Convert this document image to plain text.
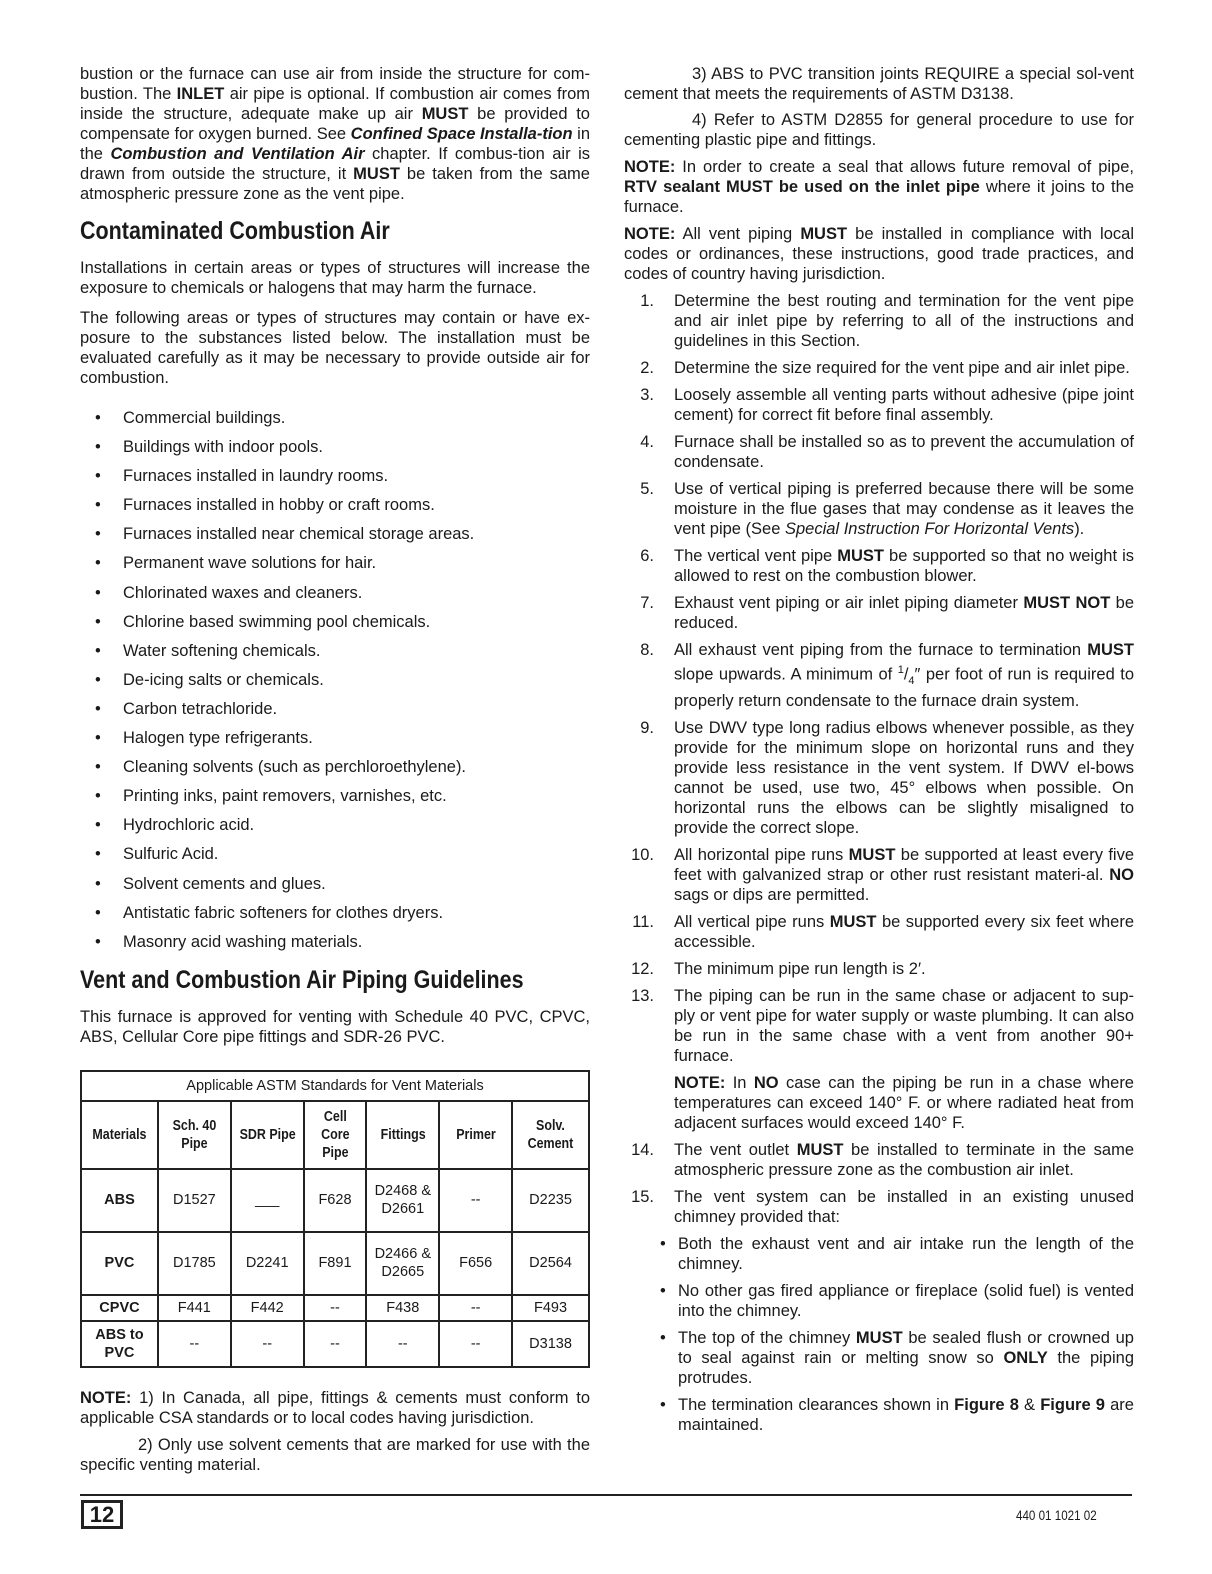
bustion or the furnace can use air from inside the structure for com-bustion. The INLET air pipe is optional. If combustion air comes from inside the structure, adequate make up air MUST be provided to compensate for oxygen burned. See Confined Space Installa-tion in the Combustion and Ventilation Air chapter. If combus-tion air is drawn from outside the structure, it MUST be taken from the same atmospheric pressure zone as the vent pipe.

Contaminated Combustion Air

Installations in certain areas or types of structures will increase the exposure to chemicals or halogens that may harm the furnace.

The following areas or types of structures may contain or have ex-posure to the substances listed below. The installation must be evaluated carefully as it may be necessary to provide outside air for combustion.

• Commercial buildings.
• Buildings with indoor pools.
• Furnaces installed in laundry rooms.
• Furnaces installed in hobby or craft rooms.
• Furnaces installed near chemical storage areas.
• Permanent wave solutions for hair.
• Chlorinated waxes and cleaners.
• Chlorine based swimming pool chemicals.
• Water softening chemicals.
• De-icing salts or chemicals.
• Carbon tetrachloride.
• Halogen type refrigerants.
• Cleaning solvents (such as perchloroethylene).
• Printing inks, paint removers, varnishes, etc.
• Hydrochloric acid.
• Sulfuric Acid.
• Solvent cements and glues.
• Antistatic fabric softeners for clothes dryers.
• Masonry acid washing materials.
Vent and Combustion Air Piping Guidelines

This furnace is approved for venting with Schedule 40 PVC, CPVC, ABS, Cellular Core pipe fittings and SDR-26 PVC.

Applicable ASTM Standards for Vent Materials						
Materials	Sch. 40 Pipe	SDR Pipe	Cell Core Pipe	Fittings	Primer	Solv. Cement
ABS	D1527	___	F628	D2468 & D2661	--	D2235
PVC	D1785	D2241	F891	D2466 & D2665	F656	D2564
CPVC	F441	F442	--	F438	--	F493
ABS to PVC	--	--	--	--	--	D3138

NOTE: 1) In Canada, all pipe, fittings & cements must conform to applicable CSA standards or to local codes having jurisdiction.

2) Only use solvent cements that are marked for use with the specific venting material.

3) ABS to PVC transition joints REQUIRE a special sol-vent cement that meets the requirements of ASTM D3138.

4) Refer to ASTM D2855 for general procedure to use for cementing plastic pipe and fittings.

NOTE: In order to create a seal that allows future removal of pipe, RTV sealant MUST be used on the inlet pipe where it joins to the furnace.

NOTE: All vent piping MUST be installed in compliance with local codes or ordinances, these instructions, good trade practices, and codes of country having jurisdiction.

1. Determine the best routing and termination for the vent pipe and air inlet pipe by referring to all of the instructions and guidelines in this Section.
2. Determine the size required for the vent pipe and air inlet pipe.
3. Loosely assemble all venting parts without adhesive (pipe joint cement) for correct fit before final assembly.
4. Furnace shall be installed so as to prevent the accumulation of condensate.
5. Use of vertical piping is preferred because there will be some moisture in the flue gases that may condense as it leaves the vent pipe (See Special Instruction For Horizontal Vents).
6. The vertical vent pipe MUST be supported so that no weight is allowed to rest on the combustion blower.
7. Exhaust vent piping or air inlet piping diameter MUST NOT be reduced.
8. All exhaust vent piping from the furnace to termination MUST slope upwards. A minimum of $^1/_4''$ per foot of run is required to properly return condensate to the furnace drain system.
9. Use DWV type long radius elbows whenever possible, as they provide for the minimum slope on horizontal runs and they provide less resistance in the vent system. If DWV el-bows cannot be used, use two, 45° elbows when possible. On horizontal runs the elbows can be slightly misaligned to provide the correct slope.
10. All horizontal pipe runs MUST be supported at least every five feet with galvanized strap or other rust resistant materi-al. NO sags or dips are permitted.
11. All vertical pipe runs MUST be supported every six feet where accessible.
12. The minimum pipe run length is 2′.
13. The piping can be run in the same chase or adjacent to sup-ply or vent pipe for water supply or waste plumbing. It can also be run in the same chase with a vent from another 90+ furnace.
NOTE: In NO case can the piping be run in a chase where temperatures can exceed 140° F. or where radiated heat from adjacent surfaces would exceed 140° F.
14. The vent outlet MUST be installed to terminate in the same atmospheric pressure zone as the combustion air inlet.
15. The vent system can be installed in an existing unused chimney provided that:
• Both the exhaust vent and air intake run the length of the chimney.
• No other gas fired appliance or fireplace (solid fuel) is vented into the chimney.
• The top of the chimney MUST be sealed flush or crowned up to seal against rain or melting snow so ONLY the piping protrudes.
• The termination clearances shown in Figure 8 & Figure 9 are maintained.
12	440 01 1021 02
